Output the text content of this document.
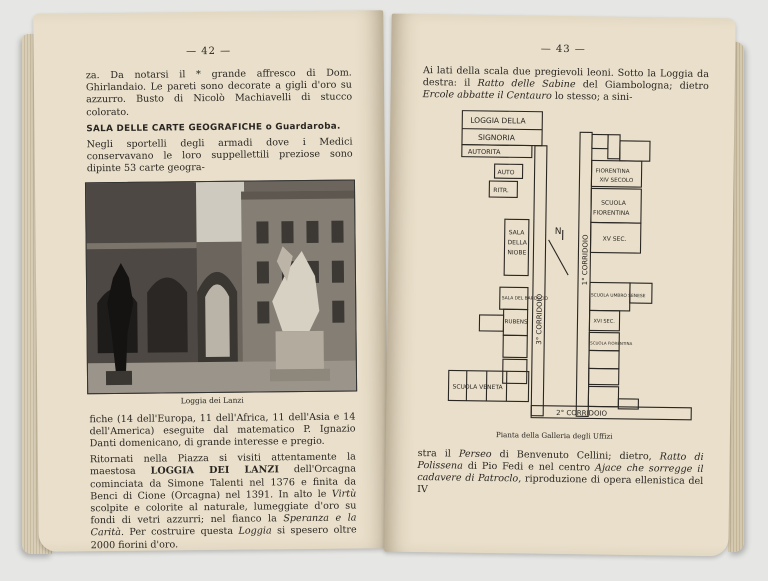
— 42 —

za. Da notarsi il * grande affresco di Dom. Ghirlandaio. Le pareti sono decorate a gigli d'oro su azzurro. Busto di Nicolò Machiavelli di stucco colorato.

SALA DELLE CARTE GEOGRAFICHE o Guardaroba.

Negli sportelli degli armadi dove i Medici conservavano le loro suppellettili preziose sono dipinte 53 carte geogra-

Loggia dei Lanzi

fiche (14 dell'Europa, 11 dell'Africa, 11 dell'Asia e 14 dell'America) eseguite dal matematico P. Ignazio Danti domenicano, di grande interesse e pregio.

Ritornati nella Piazza si visiti attentamente la maestosa LOGGIA DEI LANZI dell'Orcagna cominciata da Simone Talenti nel 1376 e finita da Benci di Cione (Orcagna) nel 1391. In alto le Virtù scolpite e colorite al naturale, lumeggiate d'oro su fondi di vetri azzurri; nel fianco la Speranza e la Carità. Per costruire questa Loggia si spesero oltre 2000 fiorini d'oro.

— 43 —

Ai lati della scala due pregievoli leoni. Sotto la Loggia da destra: il Ratto delle Sabine del Giambologna; dietro Ercole abbatte il Centauro lo stesso; a sini-

LOGGIA DELLA
SIGNORIA
AUTORITA
AUTO
RITR.
SALA
DELLA
NIOBE
3° CORRIDOIO
1° CORRIDOIO
2° CORRIDOIO
N
FIORENTINA
XIV SECOLO
SCUOLA
FIORENTINA
XV SEC.
RUBENS
SCUOLA VENETA
SALA DEL BAROCCIO	SCUOLA UMBRO SENESE
XVI SEC.
SCUOLA FIORENTINA
Pianta della Galleria degli Uffizi

stra il Perseo di Benvenuto Cellini; dietro, Ratto di Polissena di Pio Fedi e nel centro Ajace che sorregge il cadavere di Patroclo, riproduzione di opera ellenistica del IV
